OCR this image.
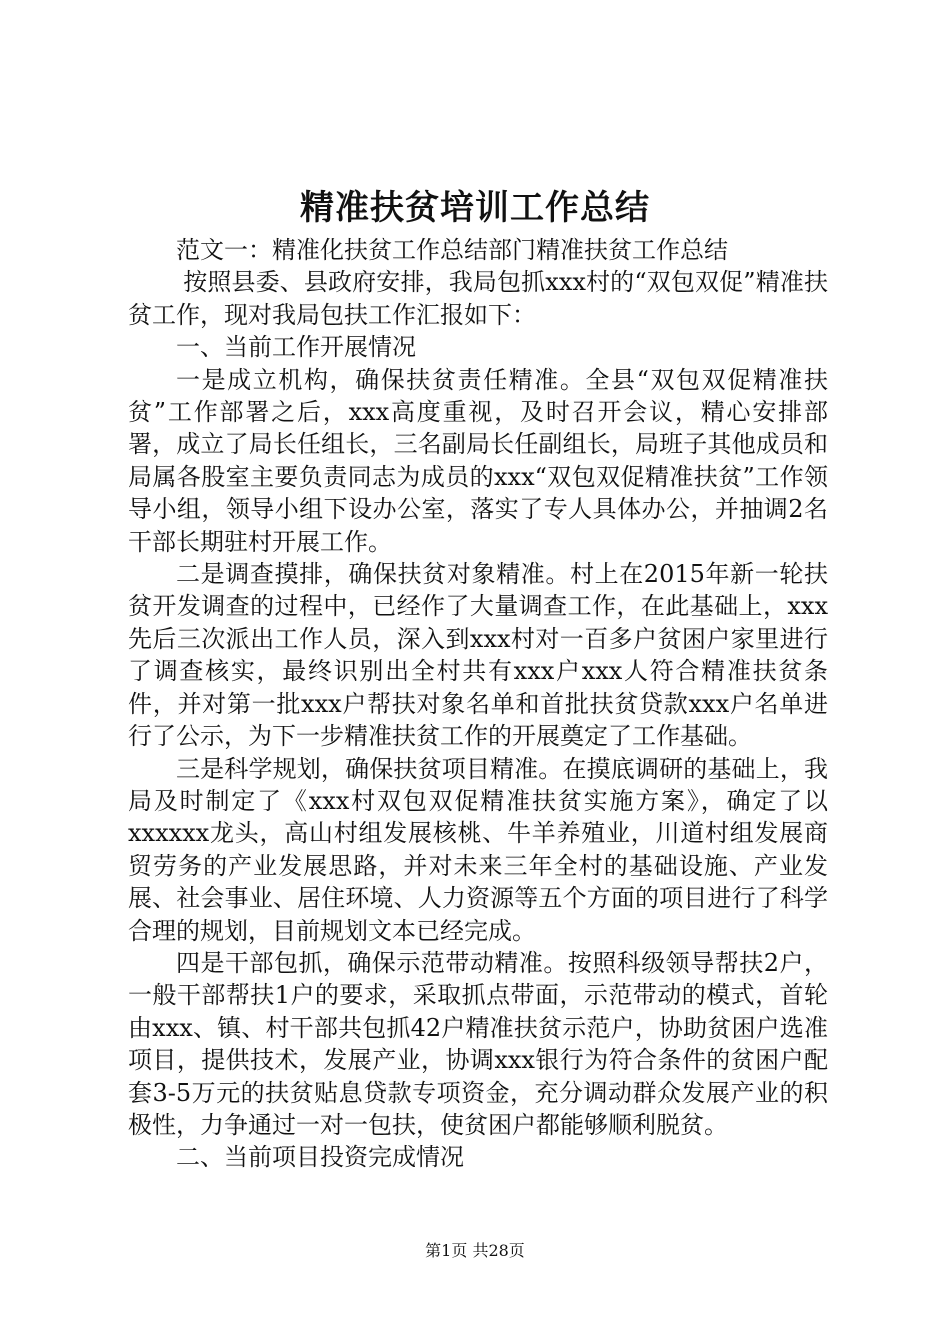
精准扶贫培训工作总结

范文一：精准化扶贫工作总结部门精准扶贫工作总结

按照县委、县政府安排，我局包抓xxx村的“双包双促”精准扶贫工作，现对我局包扶工作汇报如下：

一、当前工作开展情况

一是成立机构，确保扶贫责任精准。全县“双包双促精准扶贫”工作部署之后，xxx高度重视，及时召开会议，精心安排部署，成立了局长任组长，三名副局长任副组长，局班子其他成员和局属各股室主要负责同志为成员的xxx“双包双促精准扶贫”工作领导小组，领导小组下设办公室，落实了专人具体办公，并抽调2名干部长期驻村开展工作。

二是调查摸排，确保扶贫对象精准。村上在2015年新一轮扶贫开发调查的过程中，已经作了大量调查工作，在此基础上，xxx先后三次派出工作人员，深入到xxx村对一百多户贫困户家里进行了调查核实，最终识别出全村共有xxx户xxx人符合精准扶贫条件，并对第一批xxx户帮扶对象名单和首批扶贫贷款xxx户名单进行了公示，为下一步精准扶贫工作的开展奠定了工作基础。

三是科学规划，确保扶贫项目精准。在摸底调研的基础上，我局及时制定了《xxx村双包双促精准扶贫实施方案》，确定了以xxxxxx龙头，高山村组发展核桃、牛羊养殖业，川道村组发展商贸劳务的产业发展思路，并对未来三年全村的基础设施、产业发展、社会事业、居住环境、人力资源等五个方面的项目进行了科学合理的规划，目前规划文本已经完成。

四是干部包抓，确保示范带动精准。按照科级领导帮扶2户，一般干部帮扶1户的要求，采取抓点带面，示范带动的模式，首轮由xxx、镇、村干部共包抓42户精准扶贫示范户，协助贫困户选准项目，提供技术，发展产业，协调xxx银行为符合条件的贫困户配套3-5万元的扶贫贴息贷款专项资金，充分调动群众发展产业的积极性，力争通过一对一包扶，使贫困户都能够顺利脱贫。

二、当前项目投资完成情况

第1页 共28页
